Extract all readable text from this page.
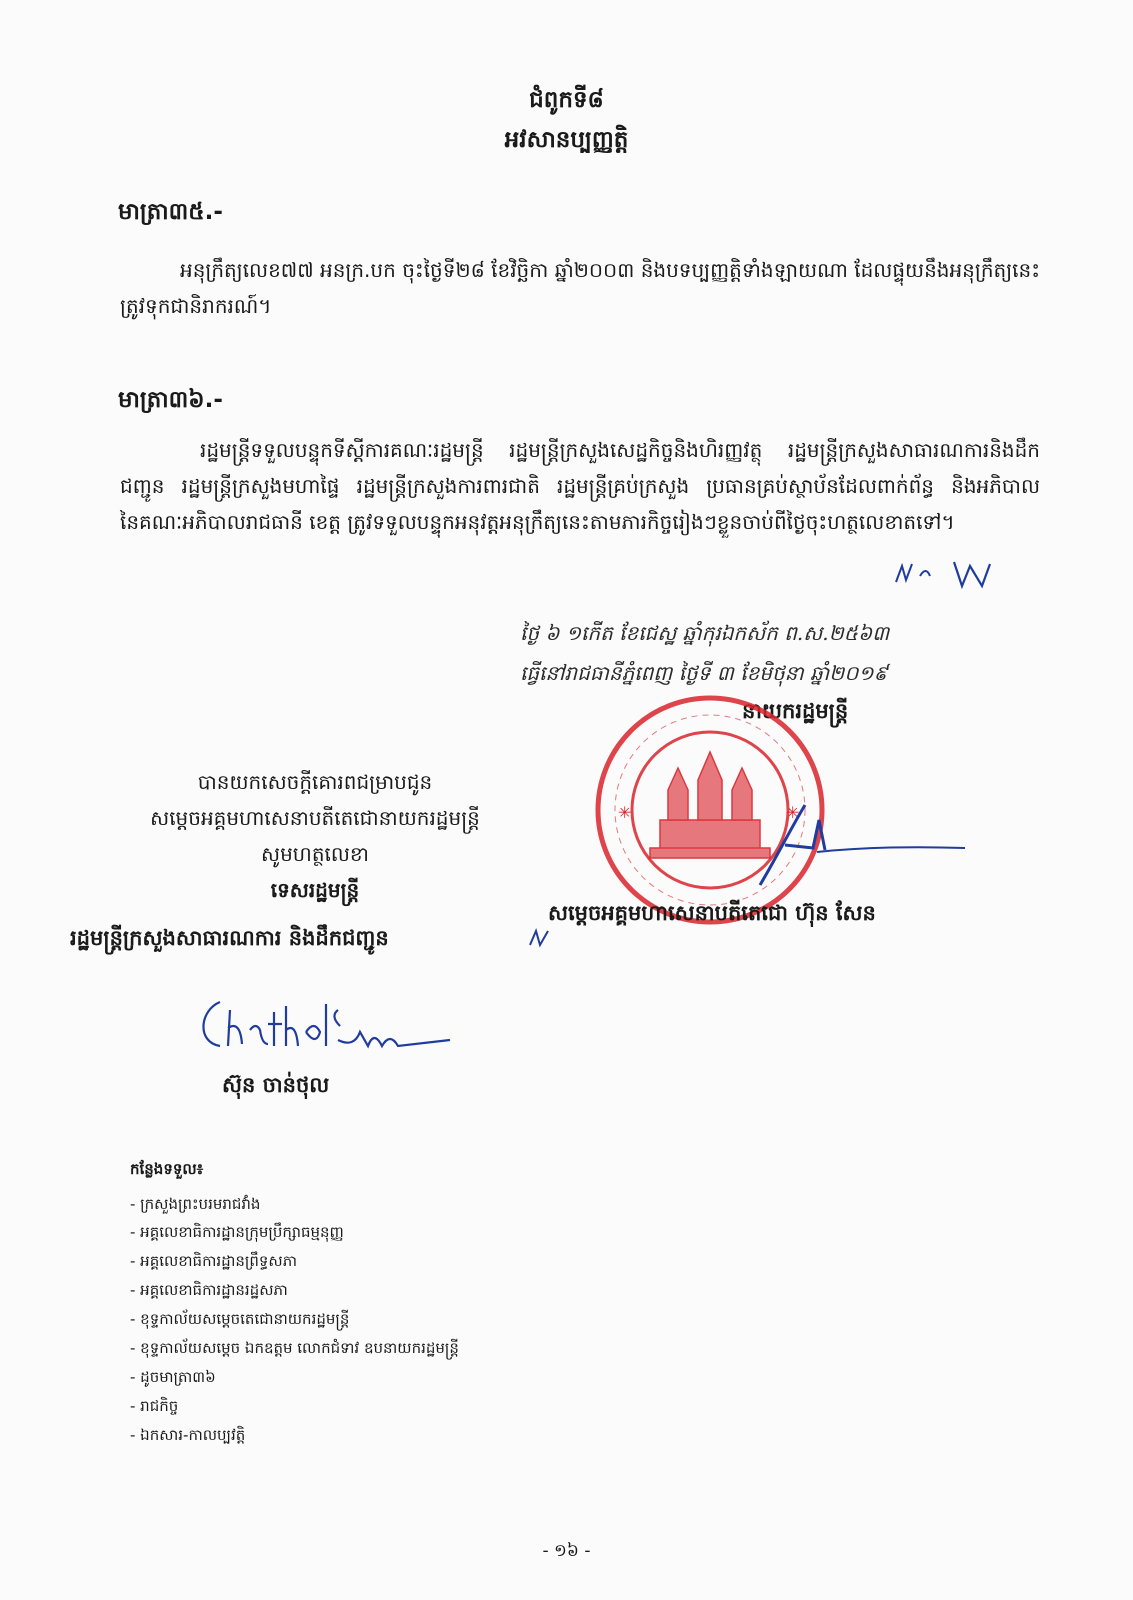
ជំពូកទី៨
អវសានប្បញ្ញត្តិ
មាត្រា៣៥.-
អនុក្រឹត្យលេខ៧៧ អនក្រ.បក ចុះថ្ងៃទី២៨ ខែវិច្ឆិកា ឆ្នាំ២០០៣ និងបទប្បញ្ញត្តិទាំងឡាយណា ដែលផ្ទុយនឹងអនុក្រឹត្យនេះ ត្រូវទុកជានិរាករណ៍។
មាត្រា៣៦.-
រដ្ឋមន្ត្រីទទួលបន្ទុកទីស្តីការគណៈរដ្ឋមន្ត្រី រដ្ឋមន្ត្រីក្រសួងសេដ្ឋកិច្ចនិងហិរញ្ញវត្ថុ រដ្ឋមន្ត្រីក្រសួងសាធារណការនិងដឹកជញ្ជូន រដ្ឋមន្ត្រីក្រសួងមហាផ្ទៃ រដ្ឋមន្ត្រីក្រសួងការពារជាតិ រដ្ឋមន្ត្រីគ្រប់ក្រសួង ប្រធានគ្រប់ស្ថាប័នដែលពាក់ព័ន្ធ និងអភិបាលនៃគណៈអភិបាលរាជធានី ខេត្ត ត្រូវទទួលបន្ទុកអនុវត្តអនុក្រឹត្យនេះតាមភារកិច្ចរៀងៗខ្លួនចាប់ពីថ្ងៃចុះហត្ថលេខាតទៅ។
ថ្ងៃ ៦ ១កើត ខែជេស្ឋ ឆ្នាំកុរឯកស័ក ព.ស.២៥៦៣
ធ្វើនៅរាជធានីភ្នំពេញ ថ្ងៃទី ៣ ខែមិថុនា ឆ្នាំ២០១៩
នាយករដ្ឋមន្ត្រី
✳	✳
សម្តេចអគ្គមហាសេនាបតីតេជោ ហ៊ុន សែន
បានយកសេចក្តីគោរពជម្រាបជូន
សម្តេចអគ្គមហាសេនាបតីតេជោនាយករដ្ឋមន្ត្រី
សូមហត្ថលេខា
ទេសរដ្ឋមន្ត្រី
រដ្ឋមន្ត្រីក្រសួងសាធារណការ និងដឹកជញ្ជូន
ស៊ុន ចាន់ថុល
កន្លែងទទួល៖
- ក្រសួងព្រះបរមរាជវាំង
- អគ្គលេខាធិការដ្ឋានក្រុមប្រឹក្សាធម្មនុញ្ញ
- អគ្គលេខាធិការដ្ឋានព្រឹទ្ធសភា
- អគ្គលេខាធិការដ្ឋានរដ្ឋសភា
- ខុទ្ទកាល័យសម្តេចតេជោនាយករដ្ឋមន្ត្រី
- ខុទ្ទកាល័យសម្តេច ឯកឧត្តម លោកជំទាវ ឧបនាយករដ្ឋមន្ត្រី
- ដូចមាត្រា៣៦
- រាជកិច្ច
- ឯកសារ-កាលប្បវត្តិ
- ១៦ -
